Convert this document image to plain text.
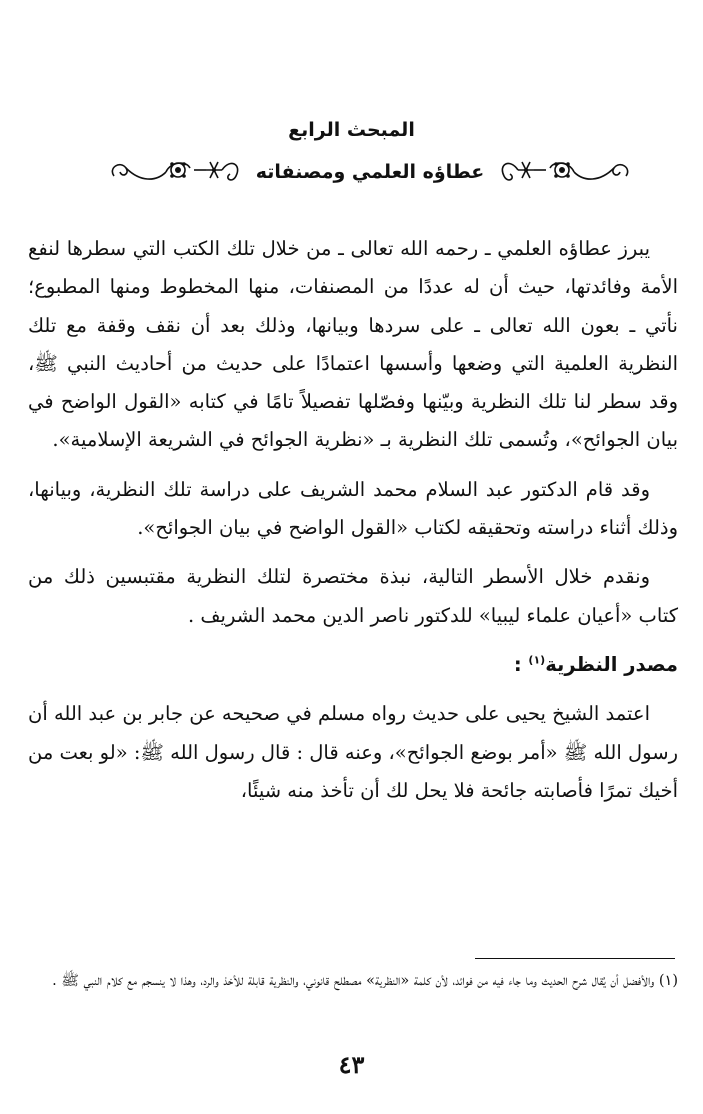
المبحث الرابع
عطاؤه العلمي ومصنفاته

يبرز عطاؤه العلمي ـ رحمه الله تعالى ـ من خلال تلك الكتب التي سطرها لنفع الأمة وفائدتها، حيث أن له عددًا من المصنفات، منها المخطوط ومنها المطبوع؛ نأتي ـ بعون الله تعالى ـ على سردها وبيانها، وذلك بعد أن نقف وقفة مع تلك النظرية العلمية التي وضعها وأسسها اعتمادًا على حديث من أحاديث النبي ﷺ، وقد سطر لنا تلك النظرية وبيّنها وفصّلها تفصيلاً تامًا في كتابه «القول الواضح في بيان الجوائح»، وتُسمى تلك النظرية بـ «نظرية الجوائح في الشريعة الإسلامية».

وقد قام الدكتور عبد السلام محمد الشريف على دراسة تلك النظرية، وبيانها، وذلك أثناء دراسته وتحقيقه لكتاب «القول الواضح في بيان الجوائح».

ونقدم خلال الأسطر التالية، نبذة مختصرة لتلك النظرية مقتبسين ذلك من كتاب «أعيان علماء ليبيا» للدكتور ناصر الدين محمد الشريف .

مصدر النظرية$^{(١)}$ :

اعتمد الشيخ يحيى على حديث رواه مسلم في صحيحه عن جابر بن عبد الله أن رسول الله ﷺ «أمر بوضع الجوائح»، وعنه قال : قال رسول الله ﷺ: «لو بعت من أخيك تمرًا فأصابته جائحة فلا يحل لك أن تأخذ منه شيئًا،

(١) والأفضل أن يُقال شرح الحديث وما جاء فيه من فوائد، لأن كلمة «النظرية» مصطلح قانوني، والنظرية قابلة للأخذ والرد، وهذا لا ينسجم مع كلام النبي ﷺ .

٤٣
